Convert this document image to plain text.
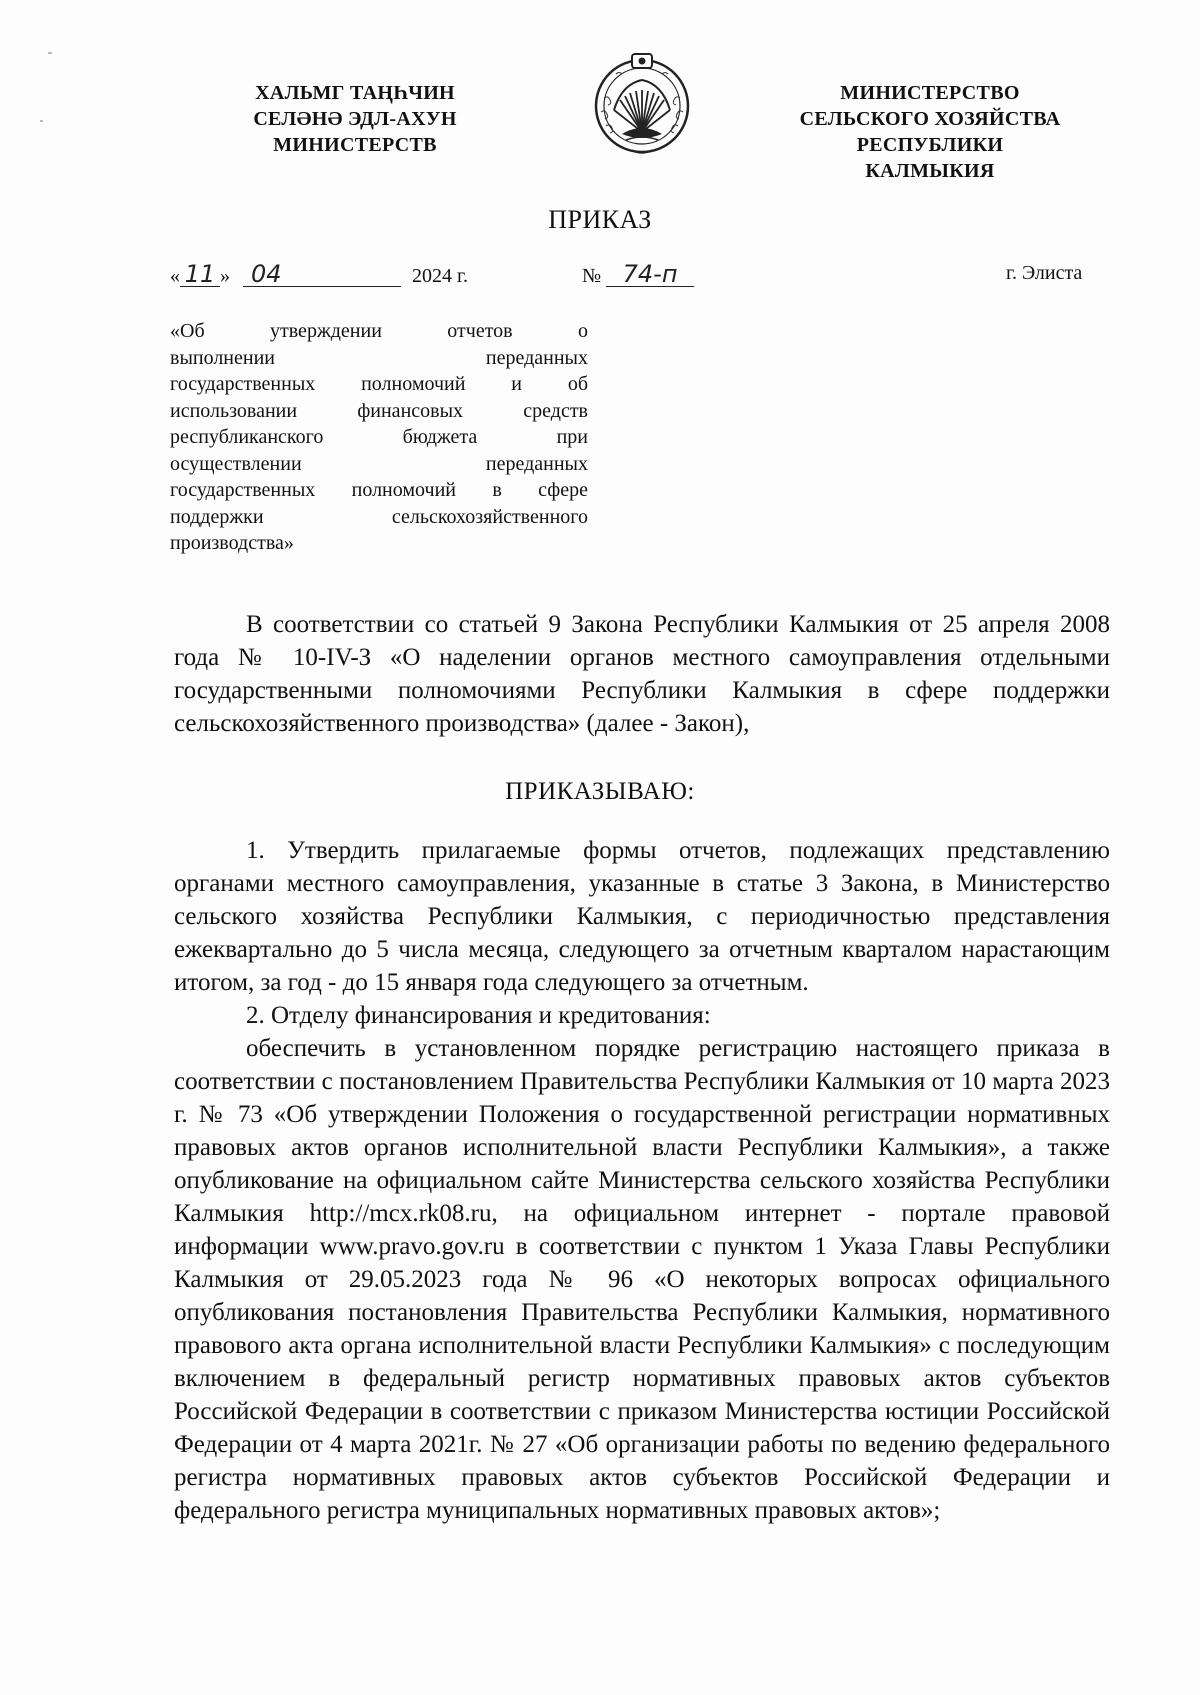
ХАЛЬМГ ТАҢҺЧИН
СЕЛӘНӘ ЭДЛ-АХУН
МИНИСТЕРСТВ
МИНИСТЕРСТВО
СЕЛЬСКОГО ХОЗЯЙСТВА
РЕСПУБЛИКИ КАЛМЫКИЯ
ПРИКАЗ
« 11 » 04	2024 г.	№ 74-п	г. Элиста

«Об утверждении отчетов о

выполнении переданных

государственных полномочий и об

использовании финансовых средств

республиканского бюджета при

осуществлении переданных

государственных полномочий в сфере

поддержки сельскохозяйственного

производства»

В соответствии со статьей 9 Закона Республики Калмыкия от 25 апреля 2008 года № 10-IV-З «О наделении органов местного самоуправления отдельными государственными полномочиями Республики Калмыкия в сфере поддержки сельскохозяйственного производства» (далее - Закон),

ПРИКАЗЫВАЮ:

1. Утвердить прилагаемые формы отчетов, подлежащих представлению органами местного самоуправления, указанные в статье 3 Закона, в Министерство сельского хозяйства Республики Калмыкия, с периодичностью представления ежеквартально до 5 числа месяца, следующего за отчетным кварталом нарастающим итогом, за год - до 15 января года следующего за отчетным.

2. Отделу финансирования и кредитования:

обеспечить в установленном порядке регистрацию настоящего приказа в соответствии с постановлением Правительства Республики Калмыкия от 10 марта 2023 г. № 73 «Об утверждении Положения о государственной регистрации нормативных правовых актов органов исполнительной власти Республики Калмыкия», а также опубликование на официальном сайте Министерства сельского хозяйства Республики Калмыкия http://mcx.rk08.ru, на официальном интернет - портале правовой информации www.pravo.gov.ru в соответствии с пунктом 1 Указа Главы Республики Калмыкия от 29.05.2023 года № 96 «О некоторых вопросах официального опубликования постановления Правительства Республики Калмыкия, нормативного правового акта органа исполнительной власти Республики Калмыкия» с последующим включением в федеральный регистр нормативных правовых актов субъектов Российской Федерации в соответствии с приказом Министерства юстиции Российской Федерации от 4 марта 2021г. № 27 «Об организации работы по ведению федерального регистра нормативных правовых актов субъектов Российской Федерации и федерального регистра муниципальных нормативных правовых актов»;
